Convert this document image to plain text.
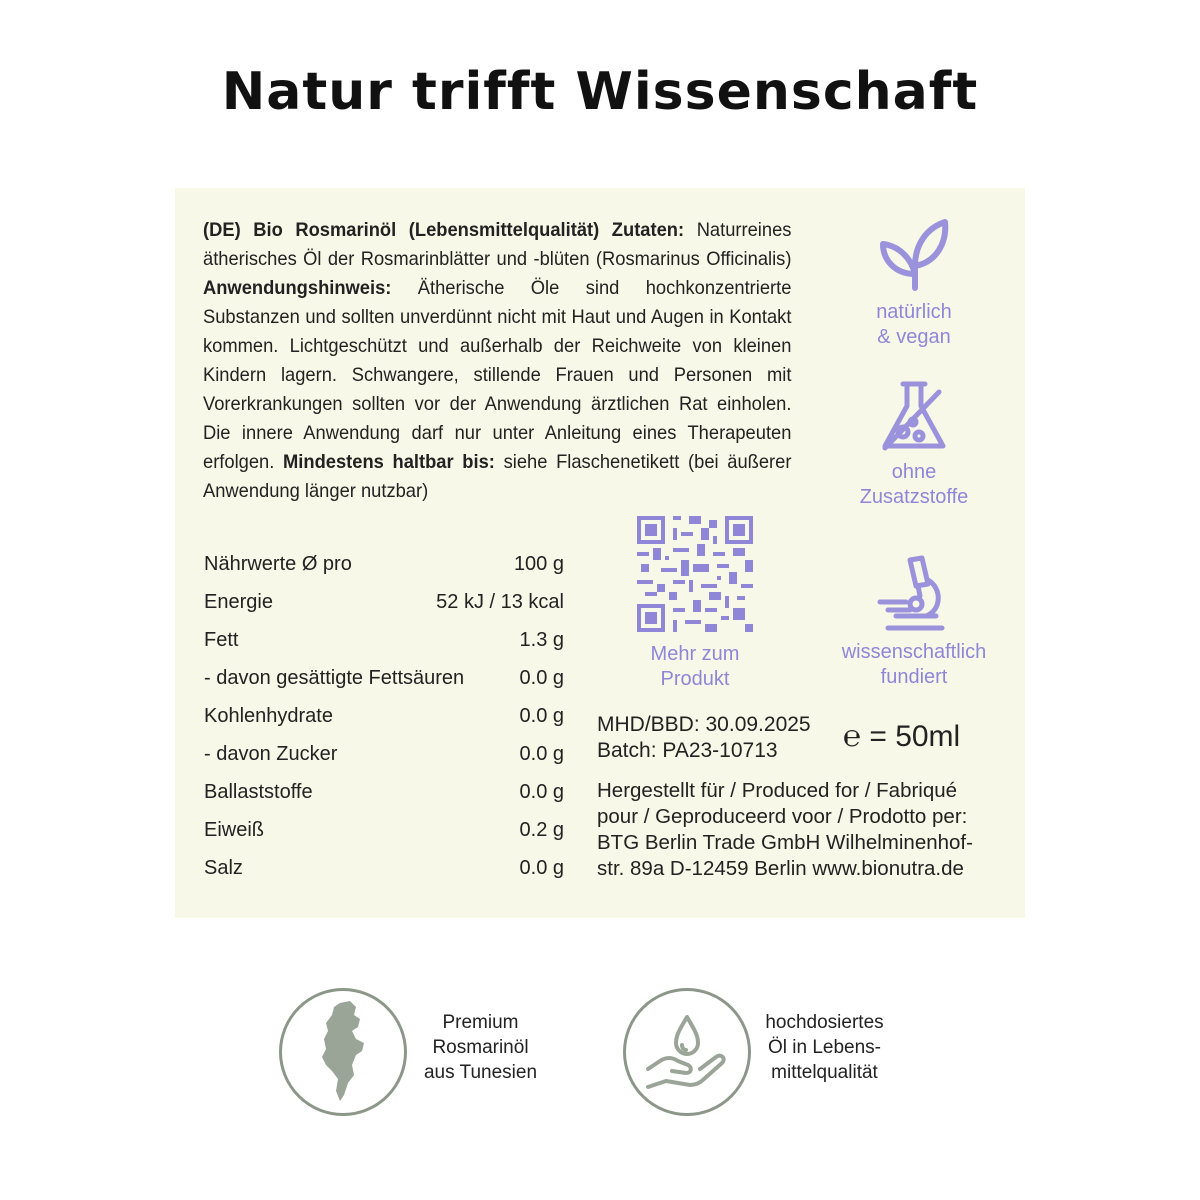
Natur trifft Wissenschaft
(DE) Bio Rosmarinöl (Lebensmittelqualität) Zutaten: Naturreines ätherisches Öl der Rosmarinblätter und -blüten (Rosmarinus Officinalis) Anwendungshinweis: Ätherische Öle sind hochkonzentrierte Substanzen und sollten unverdünnt nicht mit Haut und Augen in Kontakt kommen. Lichtgeschützt und außerhalb der Reichweite von kleinen Kindern lagern. Schwangere, stillende Frauen und Personen mit Vorerkrankungen sollten vor der Anwendung ärztlichen Rat einholen. Die innere Anwendung darf nur unter Anleitung eines Therapeuten erfolgen. Mindestens haltbar bis: siehe Flaschenetikett (bei äußerer Anwendung länger nutzbar)
Nährwerte Ø pro	100 g
Energie	52 kJ / 13 kcal
Fett	1.3 g
- davon gesättigte Fettsäuren	0.0 g
Kohlenhydrate	0.0 g
- davon Zucker	0.0 g
Ballaststoffe	0.0 g
Eiweiß	0.2 g
Salz	0.0 g
Mehr zum
Produkt
MHD/BBD: 30.09.2025
Batch: PA23-10713	℮ = 50ml
Hergestellt für / Produced for / Fabriqué pour / Geproduceerd voor / Prodotto per: BTG Berlin Trade GmbH Wilhelminenhof-str. 89a D-12459 Berlin www.bionutra.de
natürlich
& vegan
ohne
Zusatzstoffe
wissenschaftlich
fundiert
Premium
Rosmarinöl
aus Tunesien
hochdosiertes
Öl in Lebens-
mittelqualität
